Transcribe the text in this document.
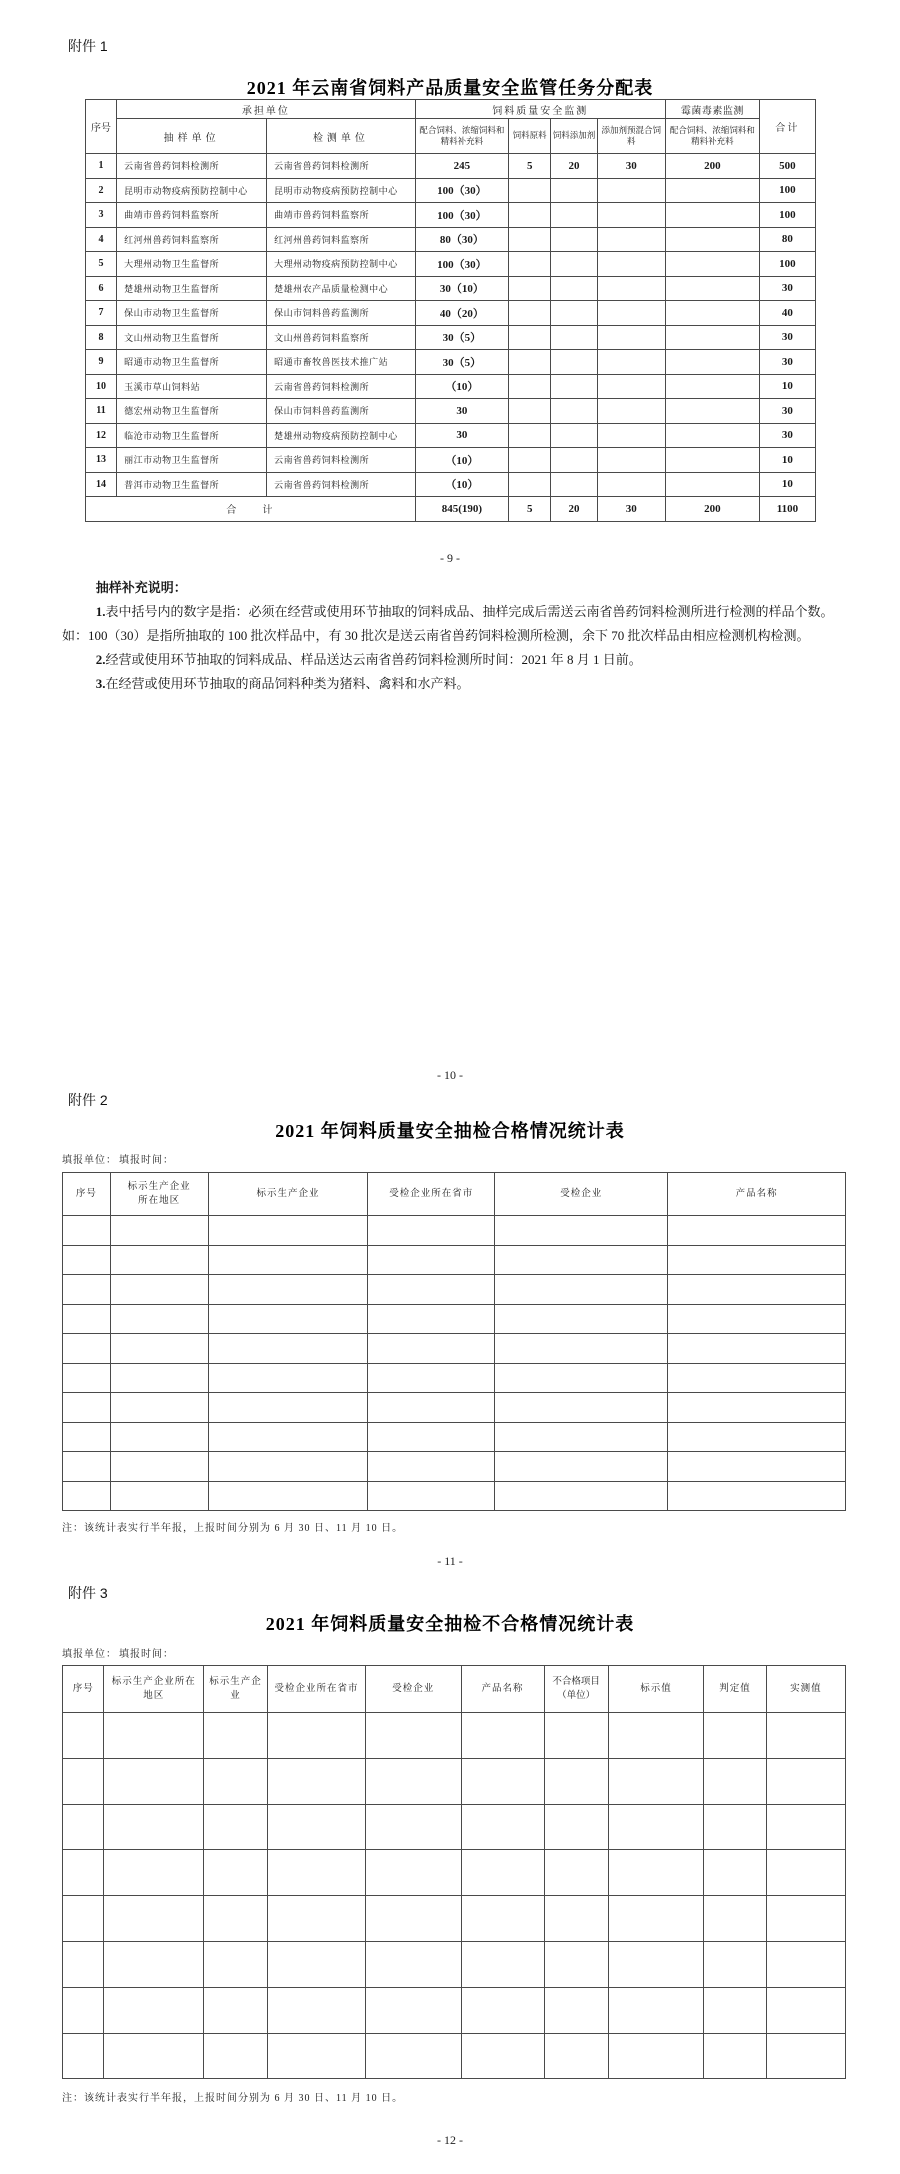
附件 1
2021 年云南省饲料产品质量安全监管任务分配表
序号	承担单位		饲料质量安全监测				霉菌毒素监测	合计
	抽样单位	检测单位	配合饲料、浓缩饲料和精料补充料	饲料原料	饲料添加剂	添加剂预混合饲料	配合饲料、浓缩饲料和精料补充料	
1	云南省兽药饲料检测所	云南省兽药饲料检测所	245	5	20	30	200	500
2	昆明市动物疫病预防控制中心	昆明市动物疫病预防控制中心	100（30）					100
3	曲靖市兽药饲料监察所	曲靖市兽药饲料监察所	100（30）					100
4	红河州兽药饲料监察所	红河州兽药饲料监察所	80（30）					80
5	大理州动物卫生监督所	大理州动物疫病预防控制中心	100（30）					100
6	楚雄州动物卫生监督所	楚雄州农产品质量检测中心	30（10）					30
7	保山市动物卫生监督所	保山市饲料兽药监测所	40（20）					40
8	文山州动物卫生监督所	文山州兽药饲料监察所	30（5）					30
9	昭通市动物卫生监督所	昭通市畜牧兽医技术推广站	30（5）					30
10	玉溪市草山饲料站	云南省兽药饲料检测所	（10）					10
11	德宏州动物卫生监督所	保山市饲料兽药监测所	30					30
12	临沧市动物卫生监督所	楚雄州动物疫病预防控制中心	30					30
13	丽江市动物卫生监督所	云南省兽药饲料检测所	（10）					10
14	普洱市动物卫生监督所	云南省兽药饲料检测所	（10）					10
合　　计			845(190)	5	20	30	200	1100
- 9 -
抽样补充说明：

1.表中括号内的数字是指：必须在经营或使用环节抽取的饲料成品、抽样完成后需送云南省兽药饲料检测所进行检测的样品个数。如：100（30）是指所抽取的 100 批次样品中，有 30 批次是送云南省兽药饲料检测所检测，余下 70 批次样品由相应检测机构检测。

2.经营或使用环节抽取的饲料成品、样品送达云南省兽药饲料检测所时间：2021 年 8 月 1 日前。

3.在经营或使用环节抽取的商品饲料种类为猪料、禽料和水产料。

- 10 -
附件 2
2021 年饲料质量安全抽检合格情况统计表
填报单位： 填报时间：
序号	标示生产企业所在地区	标示生产企业	受检企业所在省市	受检企业	产品名称

注：该统计表实行半年报，上报时间分别为 6 月 30 日、11 月 10 日。
- 11 -
附件 3
2021 年饲料质量安全抽检不合格情况统计表
填报单位： 填报时间：
序号	标示生产企业所在地区	标示生产企业	受检企业所在省市	受检企业	产品名称	不合格项目（单位）	标示值	判定值	实测值

注：该统计表实行半年报，上报时间分别为 6 月 30 日、11 月 10 日。
- 12 -
